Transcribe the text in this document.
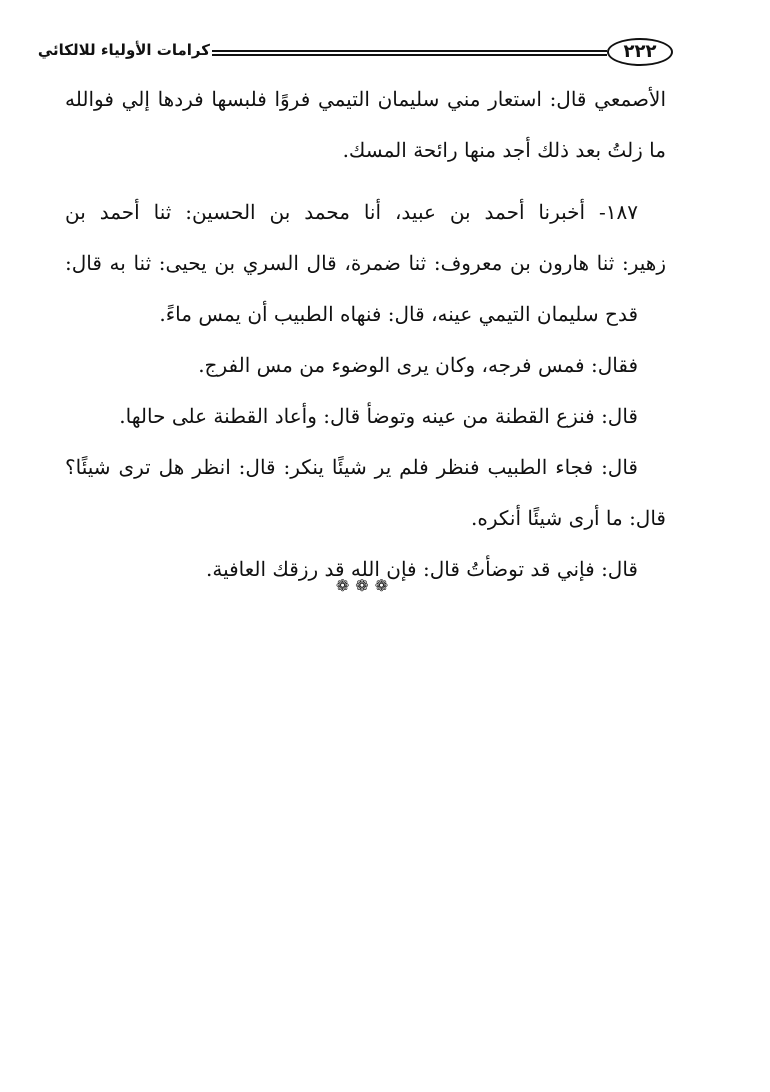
٢٢٢
كرامات الأولياء للالكائي
الأصمعي قال: استعار مني سليمان التيمي فروًا فلبسها فردها إلي فوالله
ما زلتُ بعد ذلك أجد منها رائحة المسك.
١٨٧- أخبرنا أحمد بن عبيد، أنا محمد بن الحسين: ثنا أحمد بن
زهير: ثنا هارون بن معروف: ثنا ضمرة، قال السري بن يحيى: ثنا به قال:
قدح سليمان التيمي عينه، قال: فنهاه الطبيب أن يمس ماءً.
فقال: فمس فرجه، وكان يرى الوضوء من مس الفرج.
قال: فنزع القطنة من عينه وتوضأ قال: وأعاد القطنة على حالها.
قال: فجاء الطبيب فنظر فلم ير شيئًا ينكر: قال: انظر هل ترى شيئًا؟
قال: ما أرى شيئًا أنكره.
قال: فإني قد توضأتُ قال: فإن الله قد رزقك العافية.
❁❁❁
